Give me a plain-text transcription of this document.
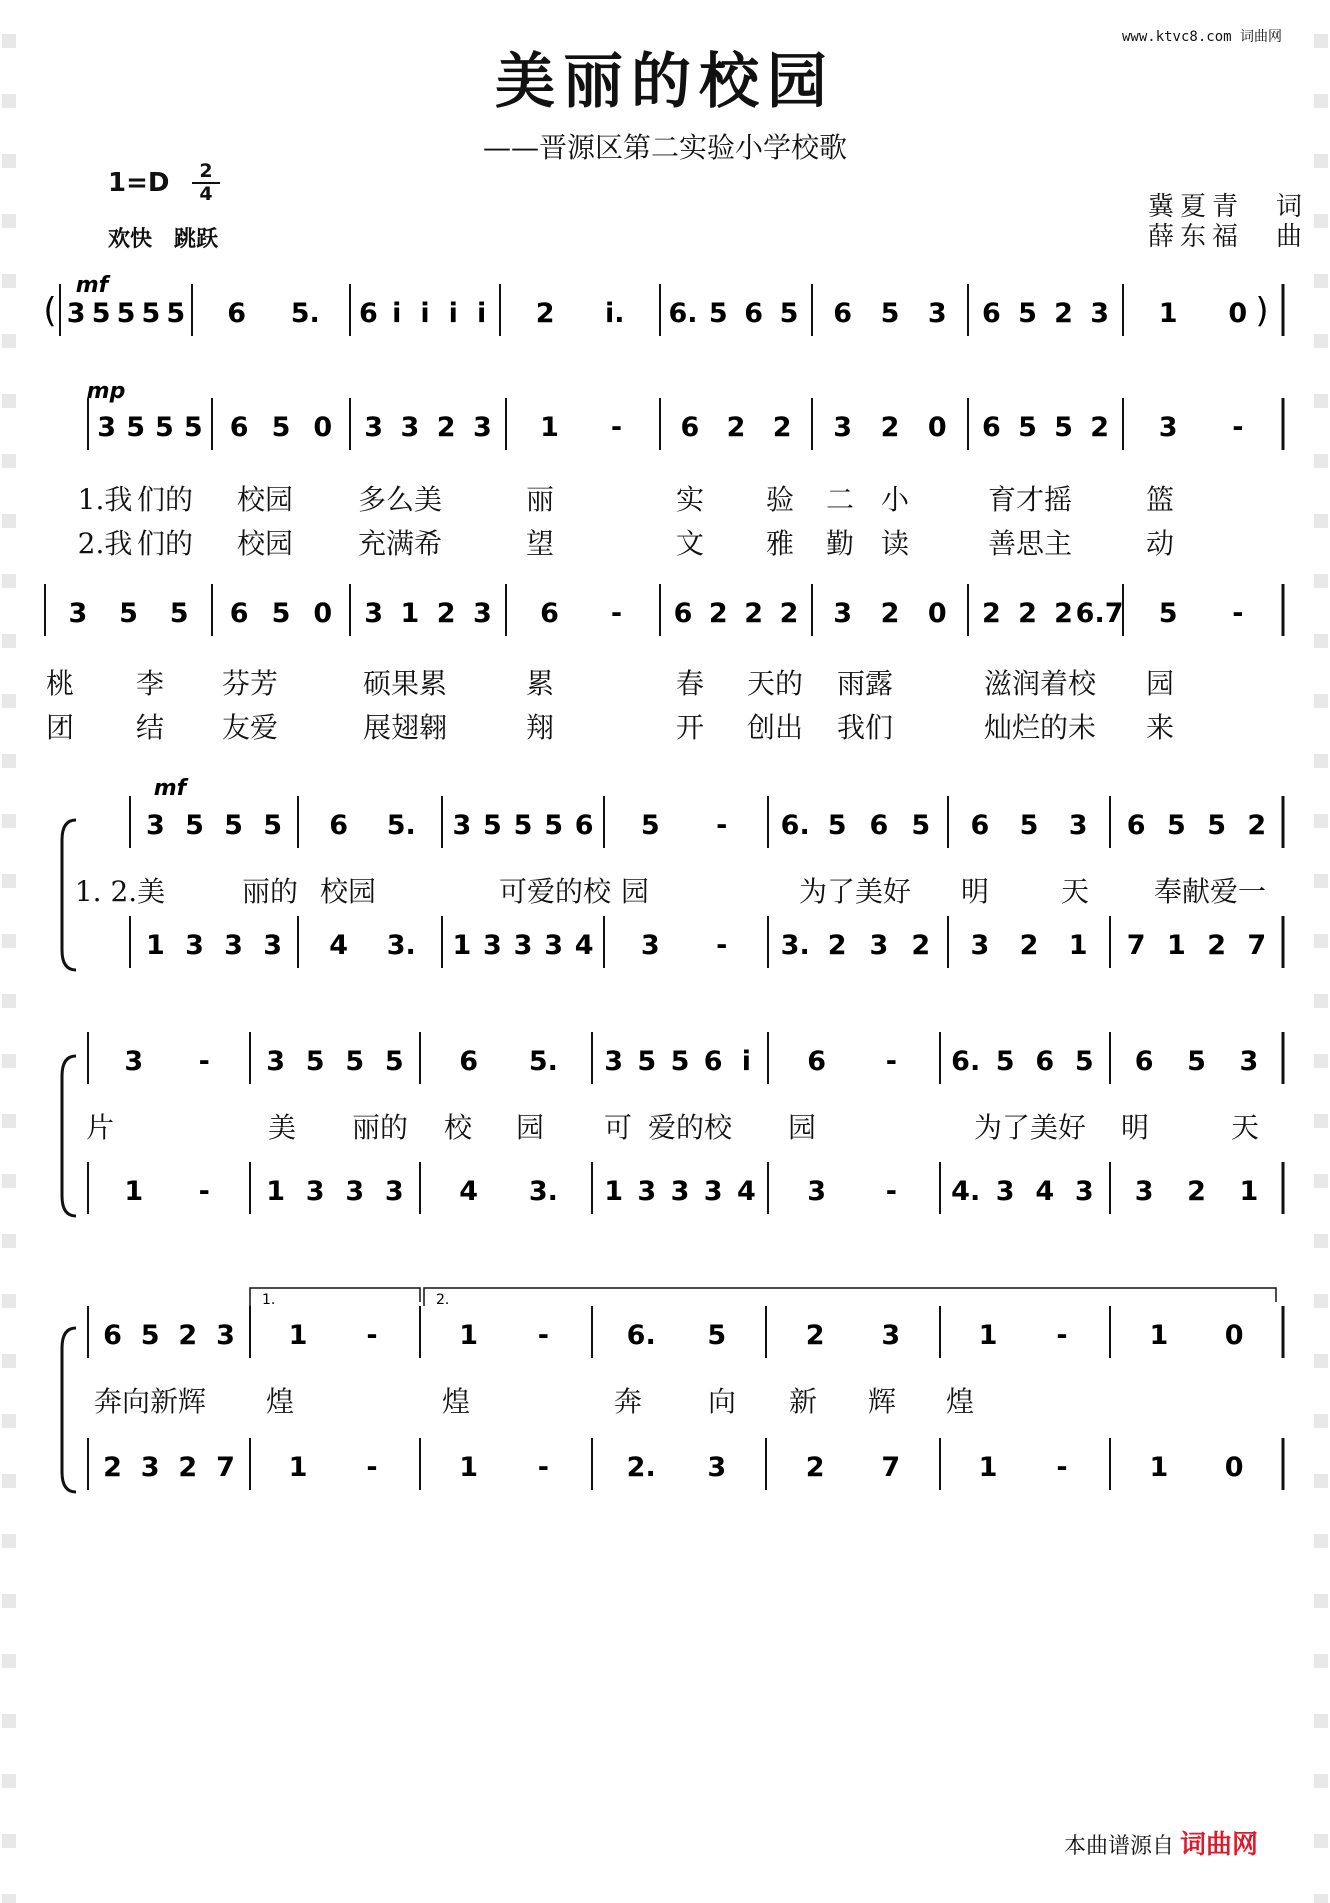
www.ktvc8.com 词曲网
美丽的校园
——晋源区第二实验小学校歌
1=D	2
4
欢快　跳跃
冀夏青　词
薛东福　曲
3 5 5 5 5 6 5. 6 i i i i 2 i. 6. 5 6 5 6 5 3 6 5 2 3 1 0
mf
(	)
3 5 5 5 6 5 0 3 3 2 3 1 - 6 2 2 3 2 0 6 5 5 2 3 -
mp
3 5 5 6 5 0 3 1 2 3 6 - 6 2 2 2 3 2 0 2 2 2 6.7 5 -
3 5 5 5 6 5. 3 5 5 5 6 5 - 6. 5 6 5 6 5 3 6 5 5 2
1 3 3 3 4 3. 1 3 3 3 4 3 - 3. 2 3 2 3 2 1 7 1 2 7
mf
3 - 3 5 5 5 6 5. 3 5 5 6 i 6 - 6. 5 6 5 6 5 3
1 - 1 3 3 3 4 3. 1 3 3 3 4 3 - 4. 3 4 3 3 2 1
6 5 2 3 1 -	1 -	6. 5	2 3	1 -	1 0
2 3 2 7 1 -	1 -	2. 3	2 7	1 -	1 0
1.	2.
1.我 们的 校园 多么美	丽	实 验 二 小	育才摇	篮
2.我 们的 校园 充满希	望	文 雅 勤 读	善思主	动
桃 李 芬芳	硕果累	累	春 天的 雨露	滋润着校 园
团 结 友爱	展翅翱	翔	开 创出 我们	灿烂的未 来
1. 2.美	丽的 校园	可爱的校 园	为了美好 明	天 奉献爱一
片	美 丽的 校 园 可 爱的校 园	为了美好 明	天
奔向新辉 煌	煌	奔 向 新 辉 煌
本曲谱源自 词曲网
